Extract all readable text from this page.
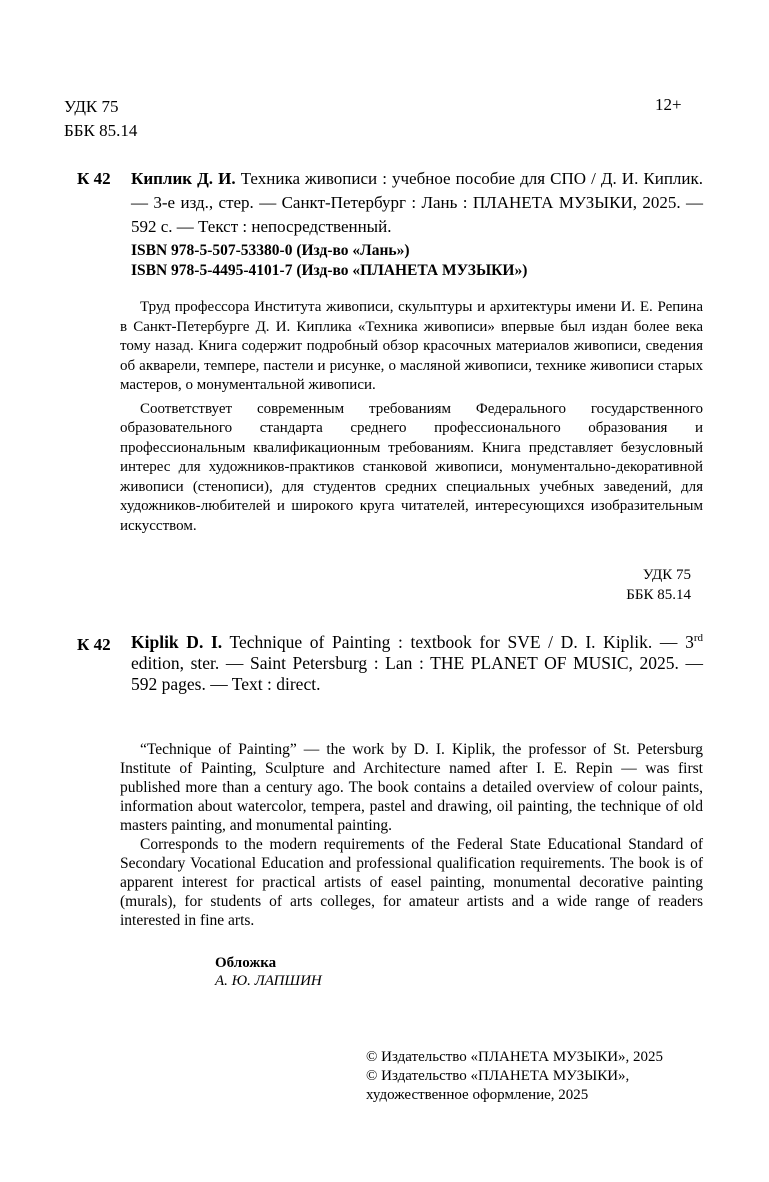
УДК 75
ББК 85.14
12+
К 42 Киплик Д. И. Техника живописи : учебное пособие для СПО / Д. И. Киплик. — 3-е изд., стер. — Санкт-Петербург : Лань : ПЛАНЕТА МУЗЫКИ, 2025. — 592 с. — Текст : непосредственный.
ISBN 978-5-507-53380-0 (Изд-во «Лань»)
ISBN 978-5-4495-4101-7 (Изд-во «ПЛАНЕТА МУЗЫКИ»)

Труд профессора Института живописи, скульптуры и архитектуры имени И. Е. Репина в Санкт-Петербурге Д. И. Киплика «Техника живописи» впервые был издан более века тому назад. Книга содержит подробный обзор красочных материалов живописи, сведения об акварели, темпере, пастели и рисунке, о масляной живописи, технике живописи старых мастеров, о монументальной живописи.

Соответствует современным требованиям Федерального государственного образовательного стандарта среднего профессионального образования и профессиональным квалификационным требованиям. Книга представляет безусловный интерес для художников-практиков станковой живописи, монументально-декоративной живописи (стенописи), для студентов средних специальных учебных заведений, для художников-любителей и широкого круга читателей, интересующихся изобразительным искусством.

УДК 75
ББК 85.14
К 42 Kiplik D. I. Technique of Painting : textbook for SVE / D. I. Kiplik. — 3rd edition, ster. — Saint Petersburg : Lan : THE PLANET OF MUSIC, 2025. — 592 pages. — Text : direct.

“Technique of Painting” — the work by D. I. Kiplik, the professor of St. Petersburg Institute of Painting, Sculpture and Architecture named after I. E. Repin — was first published more than a century ago. The book contains a detailed overview of colour paints, information about watercolor, tempera, pastel and drawing, oil painting, the technique of old masters painting, and monumental painting.

Corresponds to the modern requirements of the Federal State Educational Standard of Secondary Vocational Education and professional qualification requirements. The book is of apparent interest for practical artists of easel painting, monumental decorative painting (murals), for students of arts colleges, for amateur artists and a wide range of readers interested in fine arts.

Обложка
А. Ю. ЛАПШИН
© Издательство «ПЛАНЕТА МУЗЫКИ», 2025
© Издательство «ПЛАНЕТА МУЗЫКИ»,
художественное оформление, 2025
